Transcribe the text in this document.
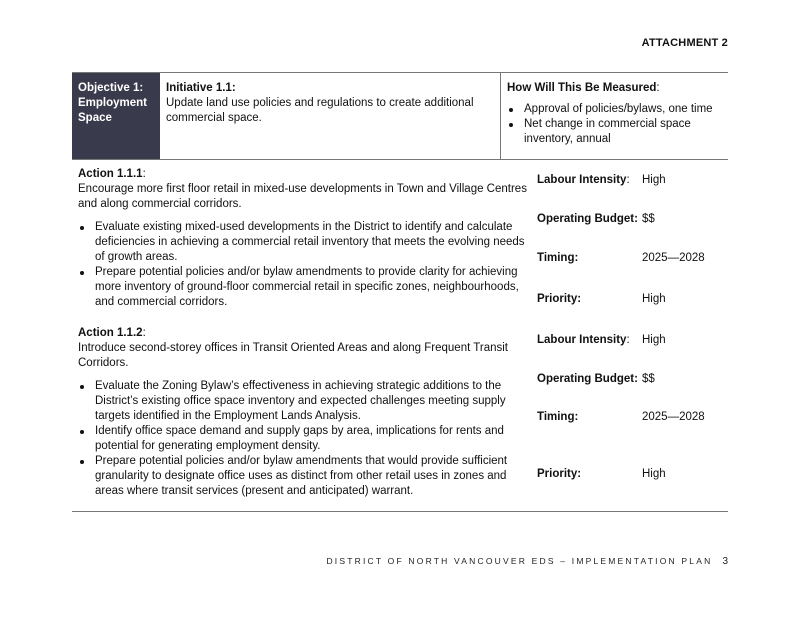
ATTACHMENT 2
Objective 1:
Employment
Space
Initiative 1.1:
Update land use policies and regulations to create additional commercial space.
How Will This Be Measured:
Approval of policies/bylaws, one time
Net change in commercial space inventory, annual
Action 1.1.1:
Encourage more first floor retail in mixed-use developments in Town and Village Centres and along commercial corridors.
Evaluate existing mixed-used developments in the District to identify and calculate deficiencies in achieving a commercial retail inventory that meets the evolving needs of growth areas.
Prepare potential policies and/or bylaw amendments to provide clarity for achieving more inventory of ground-floor commercial retail in specific zones, neighbourhoods, and commercial corridors.
Labour Intensity: High
Operating Budget: $$
Timing:	2025—2028
Priority:	High
Action 1.1.2:
Introduce second-storey offices in Transit Oriented Areas and along Frequent Transit Corridors.
Evaluate the Zoning Bylaw’s effectiveness in achieving strategic additions to the District’s existing office space inventory and expected challenges meeting supply targets identified in the Employment Lands Analysis.
Identify office space demand and supply gaps by area, implications for rents and potential for generating employment density.
Prepare potential policies and/or bylaw amendments that would provide sufficient granularity to designate office uses as distinct from other retail uses in zones and areas where transit services (present and anticipated) warrant.
Labour Intensity: High
Operating Budget: $$
Timing:	2025—2028
Priority:	High
DISTRICT OF NORTH VANCOUVER EDS – IMPLEMENTATION PLAN 3
